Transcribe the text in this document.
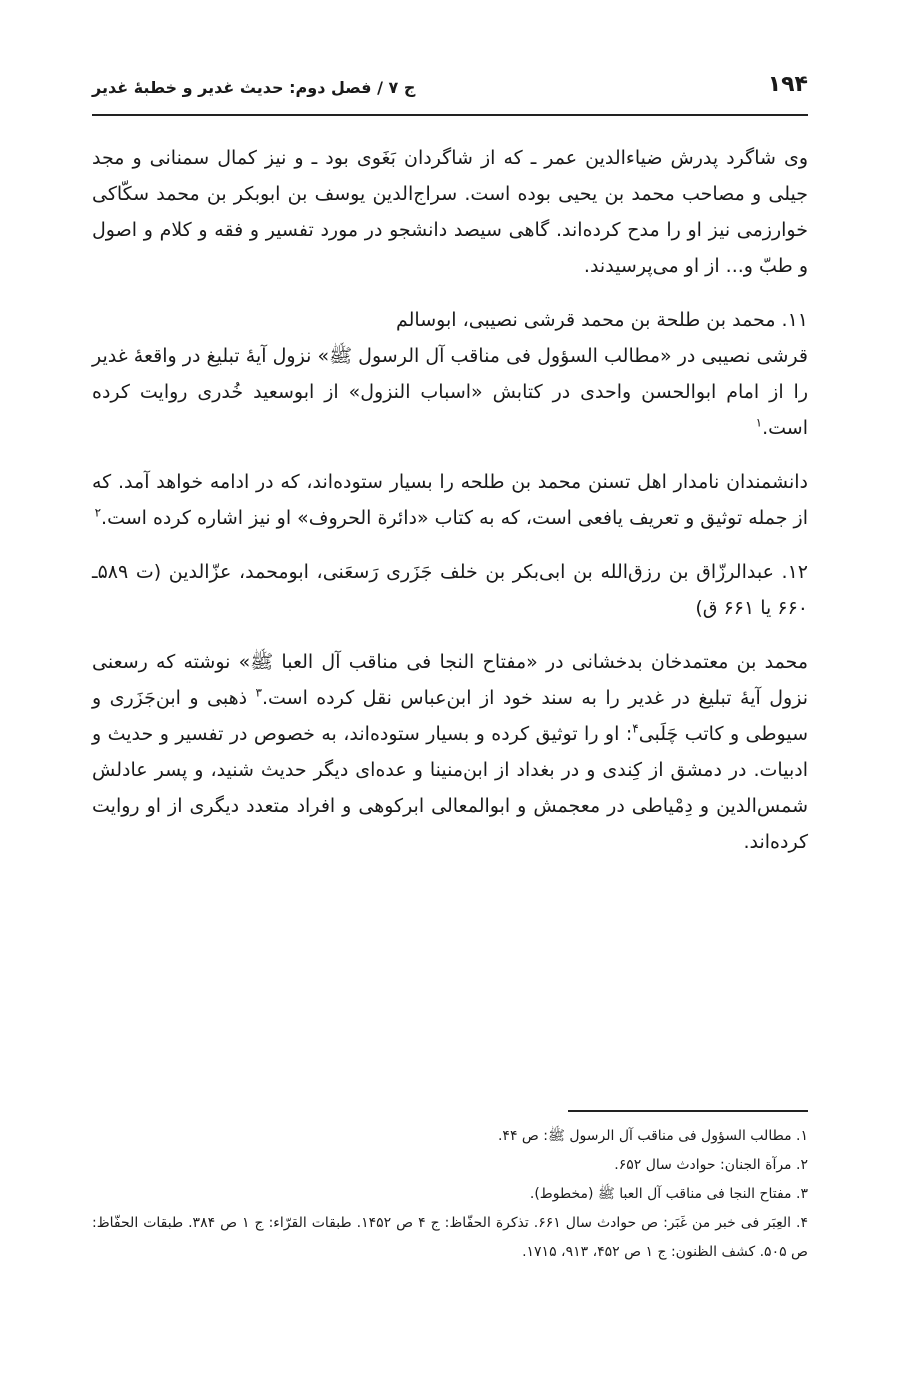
۱۹۴
ج ۷ / فصل دوم: حدیث غدیر و خطبهٔ غدیر

وی شاگرد پدرش ضیاءالدین عمر ـ که از شاگردان بَغَوی بود ـ و نیز کمال سمنانی و مجد جیلی و مصاحب محمد بن یحیی بوده است. سراج‌الدین یوسف بن ابوبکر بن محمد سکّاکی خوارزمی نیز او را مدح کرده‌اند. گاهی سیصد دانشجو در مورد تفسیر و فقه و کلام و اصول و طبّ و... از او می‌پرسیدند.

۱۱. محمد بن طلحة بن محمد قرشی نصیبی، ابوسالم

قرشی نصیبی در «مطالب السؤول فی مناقب آل الرسول ﷺ» نزول آیهٔ تبلیغ در واقعهٔ غدیر را از امام ابوالحسن واحدی در کتابش «اسباب النزول» از ابوسعید خُدری روایت کرده است.$^۱$

دانشمندان نامدار اهل تسنن محمد بن طلحه را بسیار ستوده‌اند، که در ادامه خواهد آمد. که از جمله توثیق و تعریف یافعی است، که به کتاب «دائرة الحروف» او نیز اشاره کرده است.$^۲$

۱۲. عبدالرزّاق بن رزق‌الله بن ابی‌بکر بن خلف جَزَری رَسعَنی، ابومحمد، عزّالدین (ت ۵۸۹ـ ۶۶۰ یا ۶۶۱ ق)

محمد بن معتمدخان بدخشانی در «مفتاح النجا فی مناقب آل العبا ﷺ» نوشته که رسعنی نزول آیهٔ تبلیغ در غدیر را به سند خود از ابن‌عباس نقل کرده است.$^۳$ ذهبی و ابن‌جَزَری و سیوطی و کاتب چَلَبی$^۴$: او را توثیق کرده و بسیار ستوده‌اند، به خصوص در تفسیر و حدیث و ادبیات. در دمشق از کِندی و در بغداد از ابن‌منینا و عده‌ای دیگر حدیث شنید، و پسر عادلش شمس‌الدین و دِمْیاطی در معجمش و ابوالمعالی ابرکوهی و افراد متعدد دیگری از او روایت کرده‌اند.

۱. مطالب السؤول فی مناقب آل الرسول ﷺ: ص ۴۴.

۲. مرآة الجنان: حوادث سال ۶۵۲.

۳. مفتاح النجا فی مناقب آل العبا ﷺ (مخطوط).

۴. العِبَر فی خبر من غَبَر: ص حوادث سال ۶۶۱. تذکرة الحفّاظ: ج ۴ ص ۱۴۵۲. طبقات القرّاء: ج ۱ ص ۳۸۴. طبقات الحفّاظ: ص ۵۰۵. کشف الظنون: ج ۱ ص ۴۵۲، ۹۱۳، ۱۷۱۵.
